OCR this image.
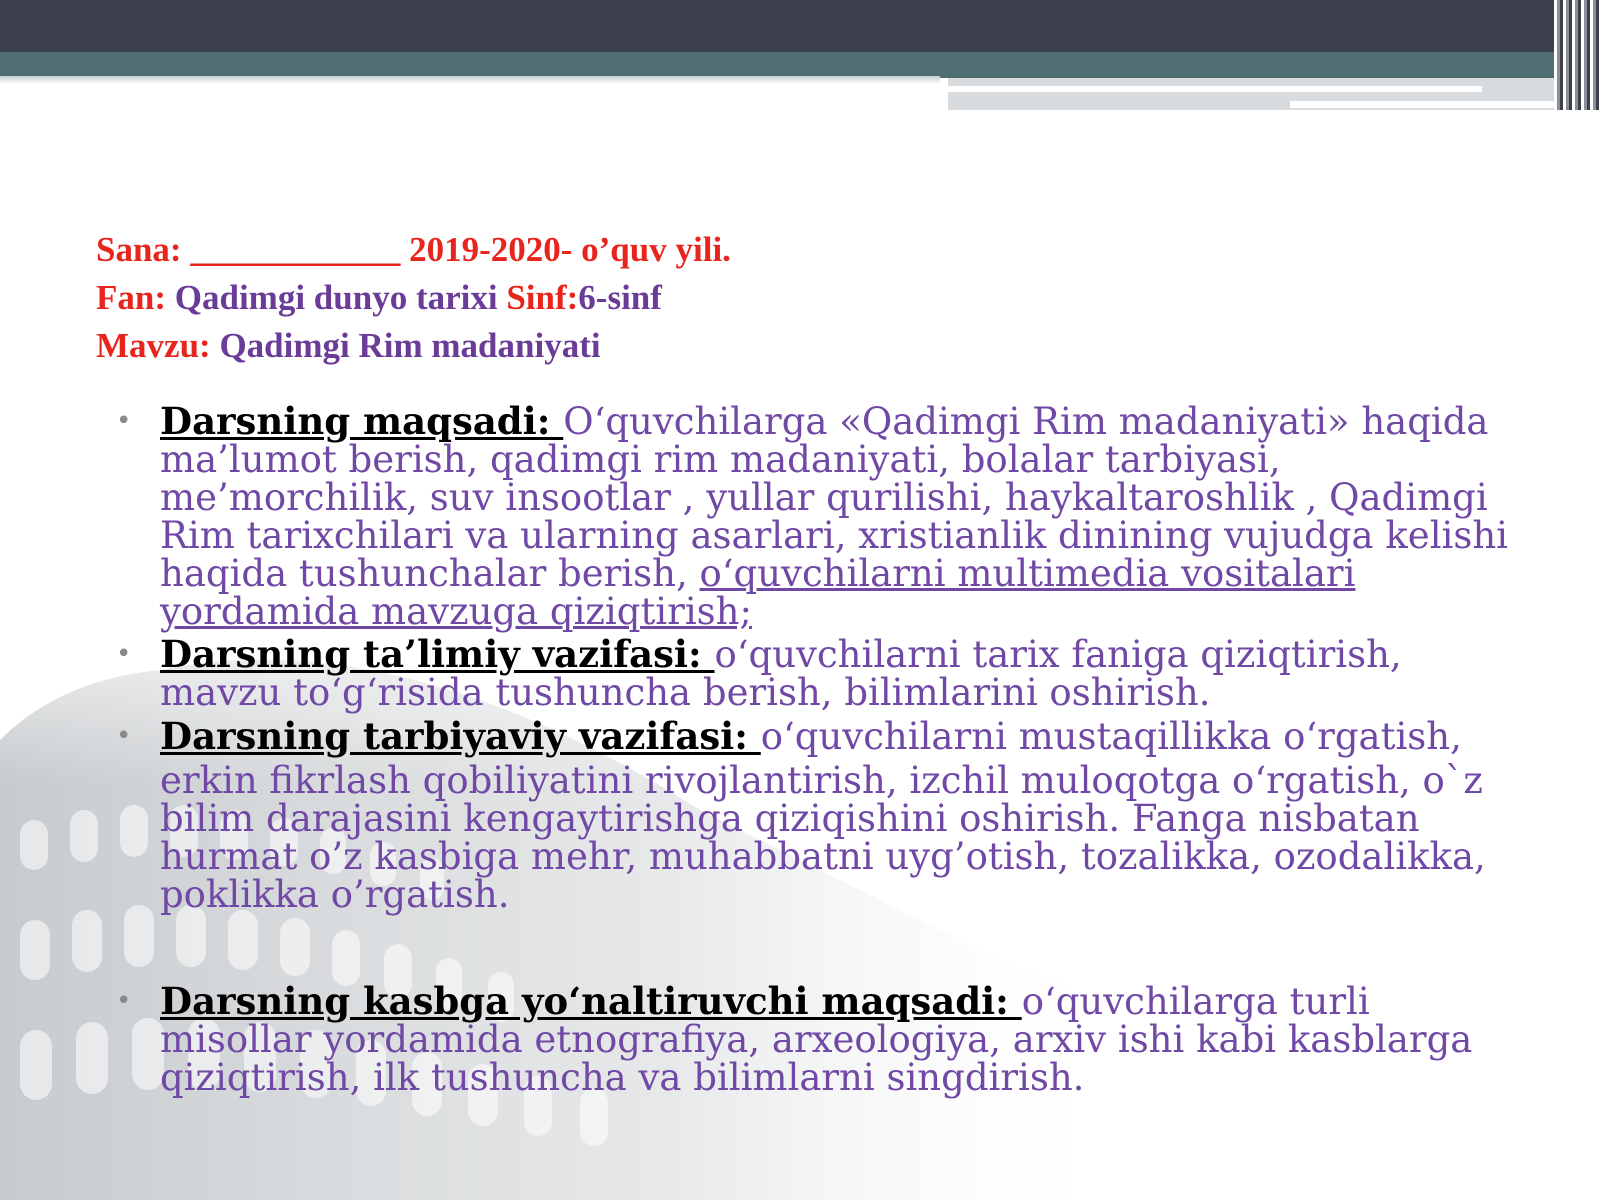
Sana: ____________ 2019-2020- o’quv yili.
Fan: Qadimgi dunyo tarixi Sinf:6-sinf
Mavzu: Qadimgi Rim madaniyati
• Darsning maqsadi: O‘quvchilarga «Qadimgi Rim madaniyati» haqida ma’lumot berish, qadimgi rim madaniyati, bolalar tarbiyasi, me’morchilik, suv insootlar , yullar qurilishi, haykaltaroshlik , Qadimgi Rim tarixchilari va ularning asarlari, xristianlik dinining vujudga kelishi haqida tushunchalar berish, o‘quvchilarni multimedia vositalari yordamida mavzuga qiziqtirish;
• Darsning ta’limiy vazifasi: o‘quvchilarni tarix faniga qiziqtirish, mavzu to‘g‘risida tushuncha berish, bilimlarini oshirish.
• Darsning tarbiyaviy vazifasi: o‘quvchilarni mustaqillikka o‘rgatish,
erkin fikrlash qobiliyatini rivojlantirish, izchil muloqotga o‘rgatish, o`z bilim darajasini kengaytirishga qiziqishini oshirish. Fanga nisbatan hurmat o’z kasbiga mehr, muhabbatni uyg’otish, tozalikka, ozodalikka, poklikka o’rgatish.
• Darsning kasbga yo‘naltiruvchi maqsadi: o‘quvchilarga turli misollar yordamida etnografiya, arxeologiya, arxiv ishi kabi kasblarga qiziqtirish, ilk tushuncha va bilimlarni singdirish.
